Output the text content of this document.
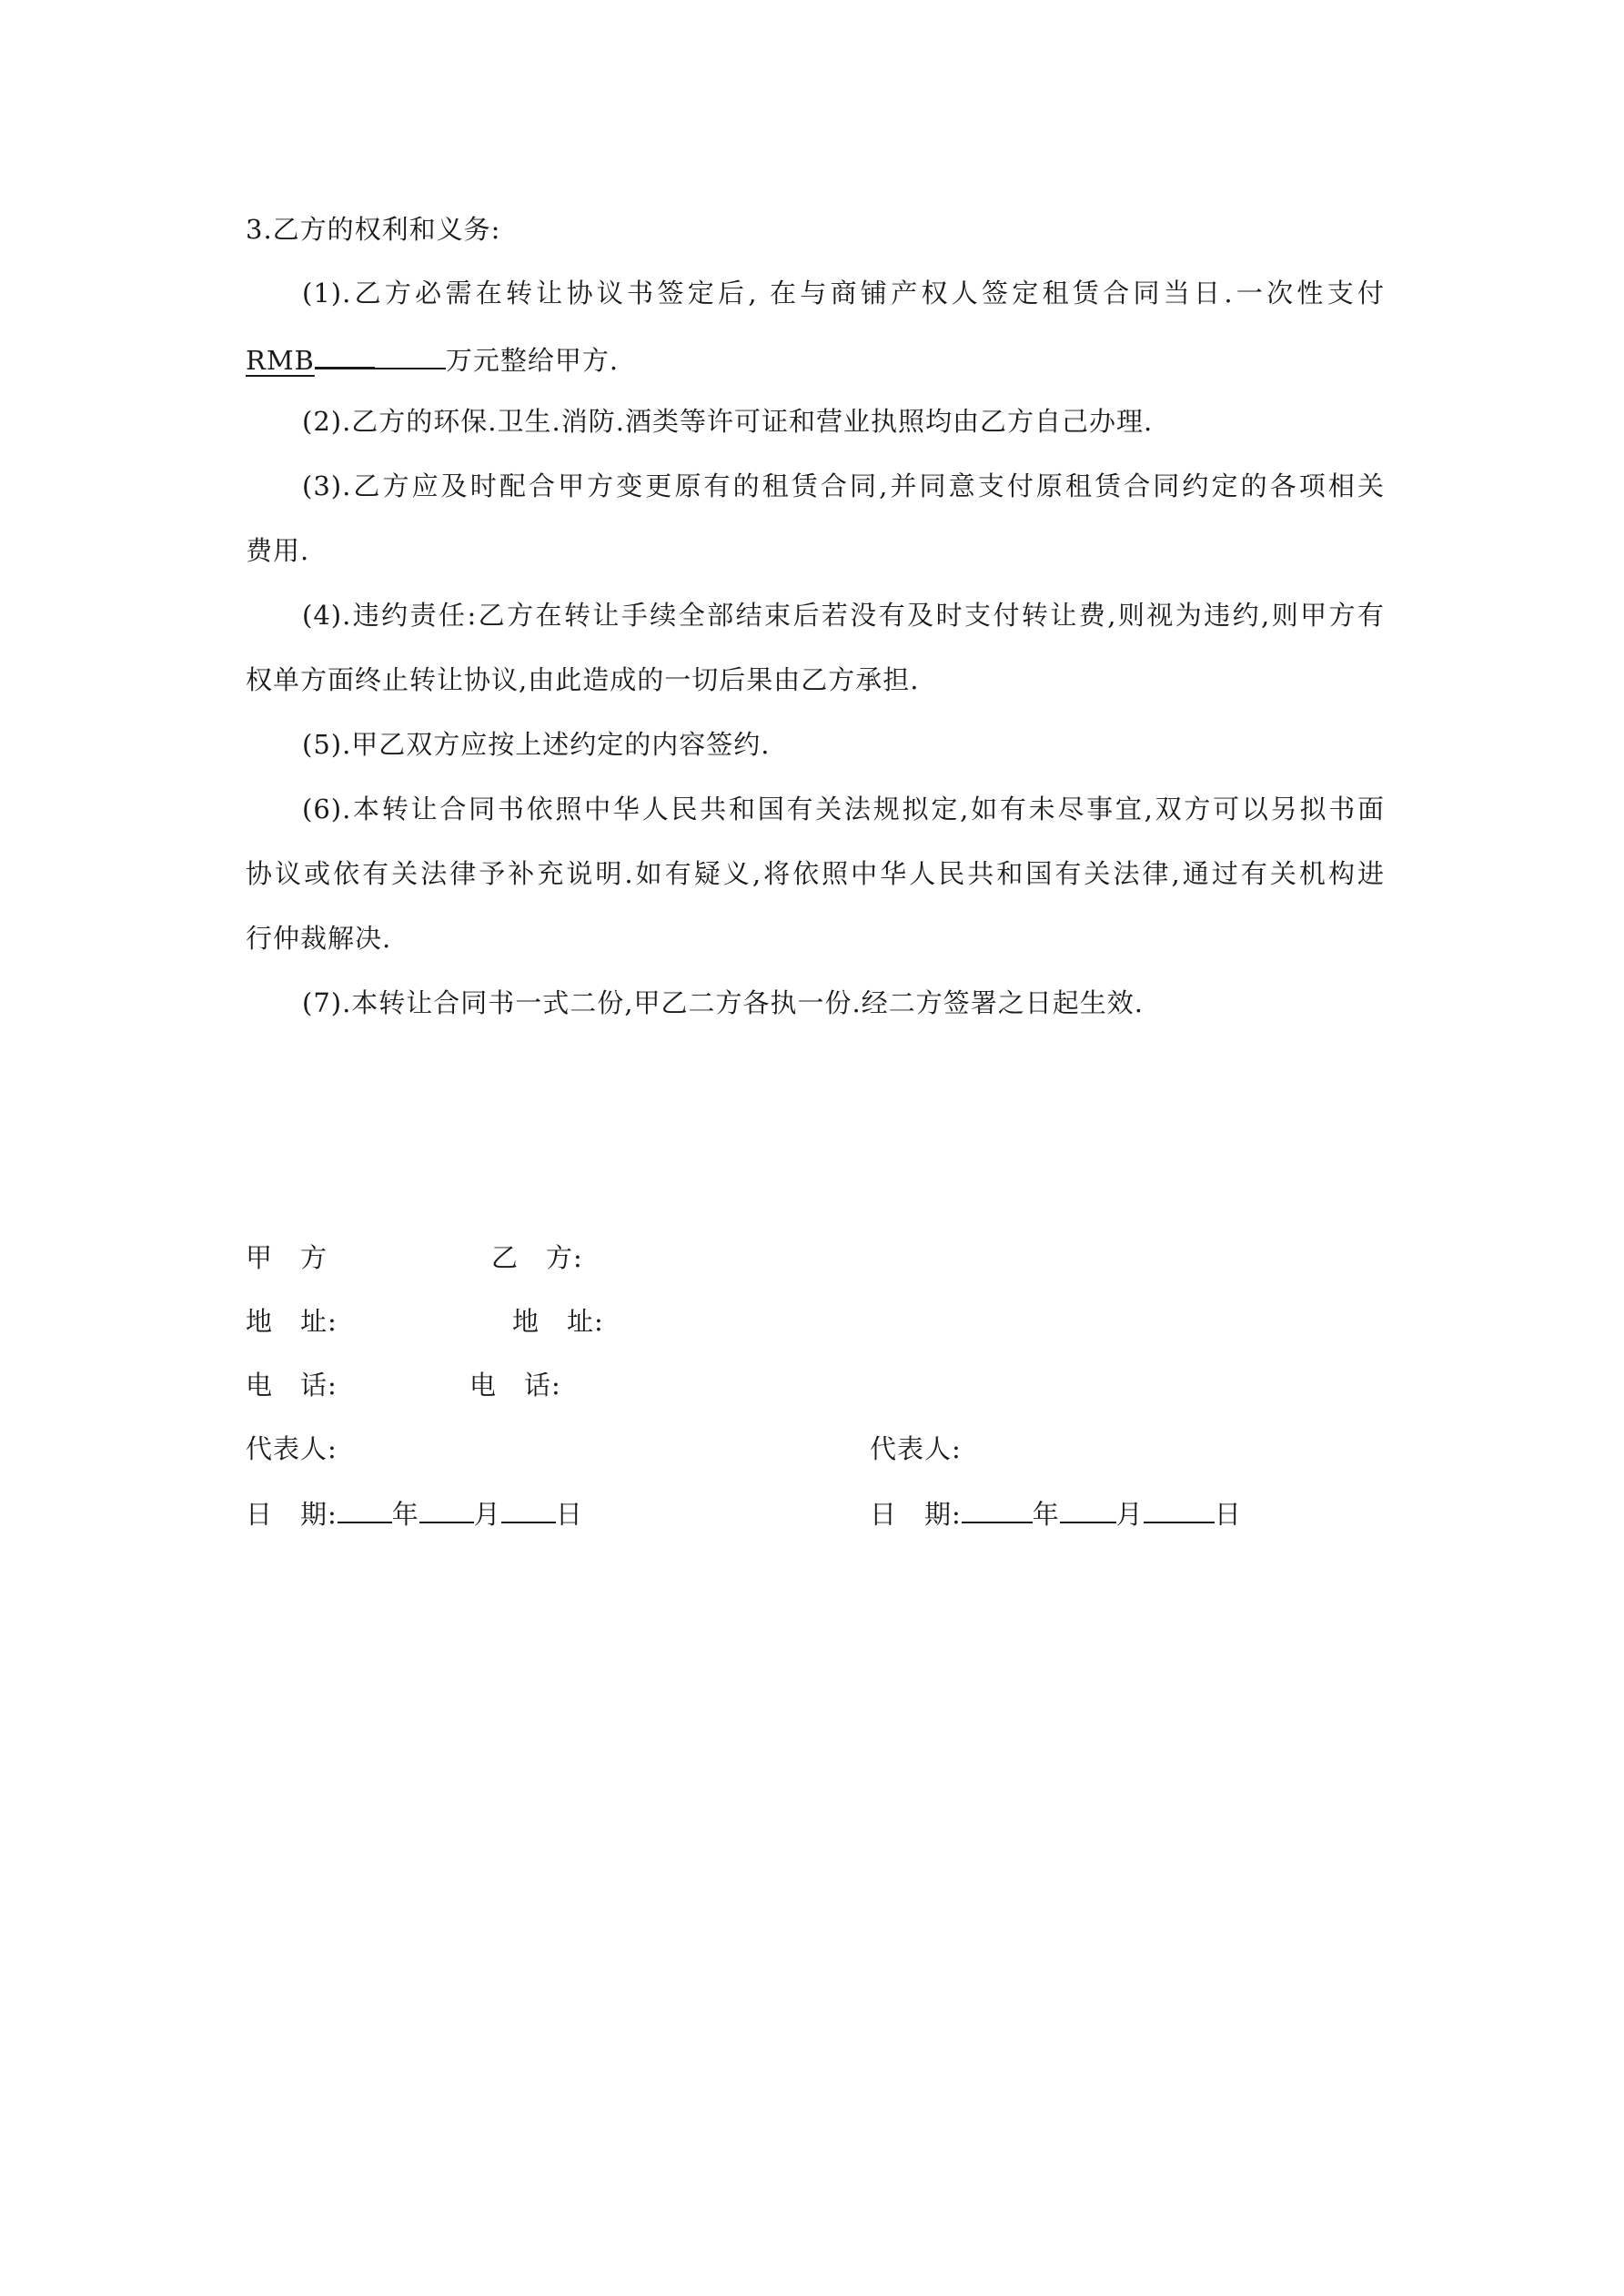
3.乙方的权利和义务:
(1).乙方必需在转让协议书签定后, 在与商铺产权人签定租赁合同当日.一次性支付
RMB	万元整给甲方.
(2).乙方的环保.卫生.消防.酒类等许可证和营业执照均由乙方自己办理.
(3).乙方应及时配合甲方变更原有的租赁合同,并同意支付原租赁合同约定的各项相关
费用.
(4).违约责任:乙方在转让手续全部结束后若没有及时支付转让费,则视为违约,则甲方有
权单方面终止转让协议,由此造成的一切后果由乙方承担.
(5).甲乙双方应按上述约定的内容签约.
(6).本转让合同书依照中华人民共和国有关法规拟定,如有未尽事宜,双方可以另拟书面
协议或依有关法律予补充说明.如有疑义,将依照中华人民共和国有关法律,通过有关机构进
行仲裁解决.
(7).本转让合同书一式二份,甲乙二方各执一份.经二方签署之日起生效.
甲　方	乙　方:
地　址:	地　址:
电　话:	电　话:
代表人:	代表人:
日　期: 年 月 日	日　期:	年 月	日
